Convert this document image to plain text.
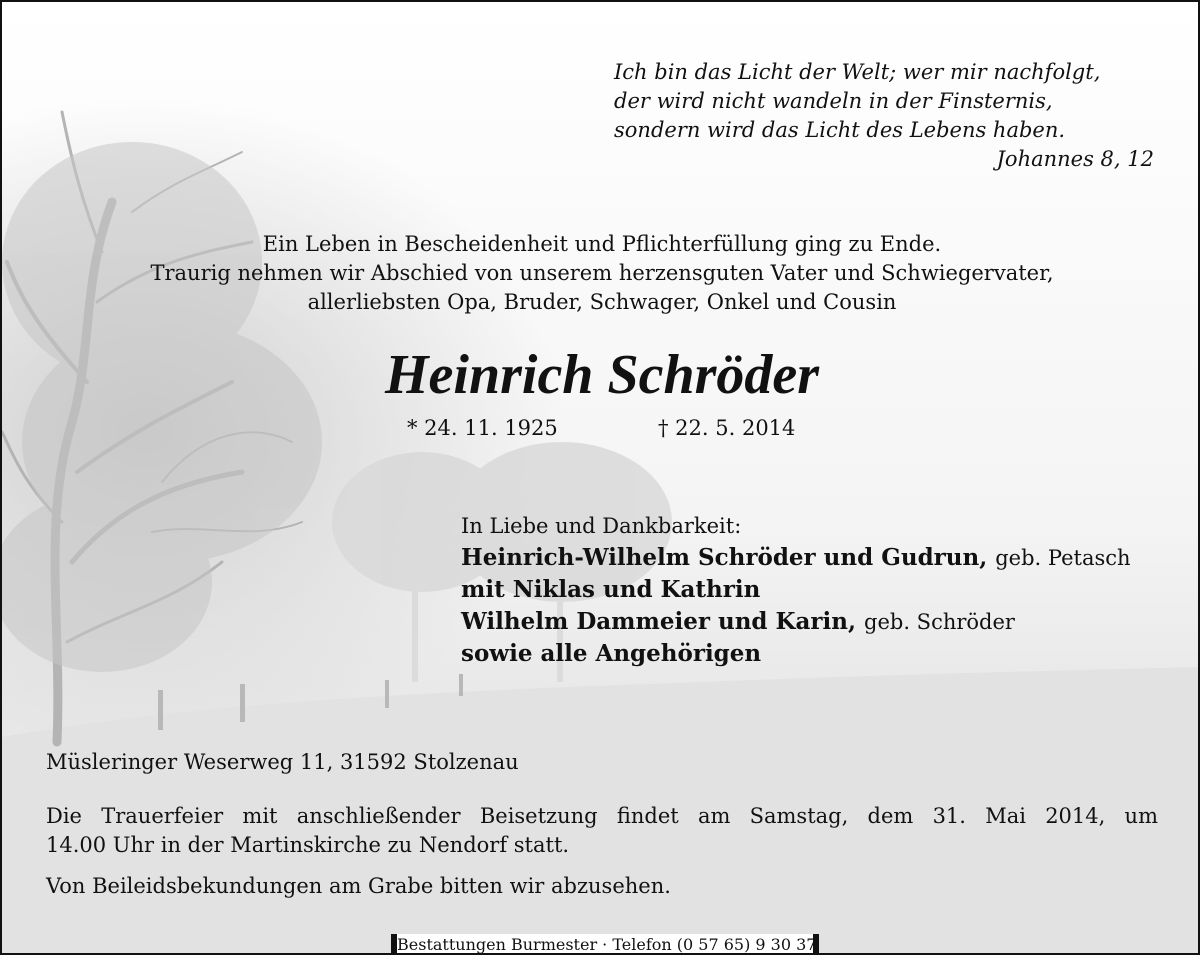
Ich bin das Licht der Welt; wer mir nachfolgt,
der wird nicht wandeln in der Finsternis,
sondern wird das Licht des Lebens haben.
Johannes 8, 12
Ein Leben in Bescheidenheit und Pflichterfüllung ging zu Ende.
Traurig nehmen wir Abschied von unserem herzensguten Vater und Schwiegervater,
allerliebsten Opa, Bruder, Schwager, Onkel und Cousin
Heinrich Schröder
* 24. 11. 1925	† 22. 5. 2014
In Liebe und Dankbarkeit:
Heinrich-Wilhelm Schröder und Gudrun, geb. Petasch
mit Niklas und Kathrin
Wilhelm Dammeier und Karin, geb. Schröder
sowie alle Angehörigen
Müsleringer Weserweg 11, 31592 Stolzenau
Die Trauerfeier mit anschließender Beisetzung findet am Samstag, dem 31. Mai 2014, um
14.00 Uhr in der Martinskirche zu Nendorf statt.
Von Beileidsbekundungen am Grabe bitten wir abzusehen.
Bestattungen Burmester · Telefon (0 57 65) 9 30 37
